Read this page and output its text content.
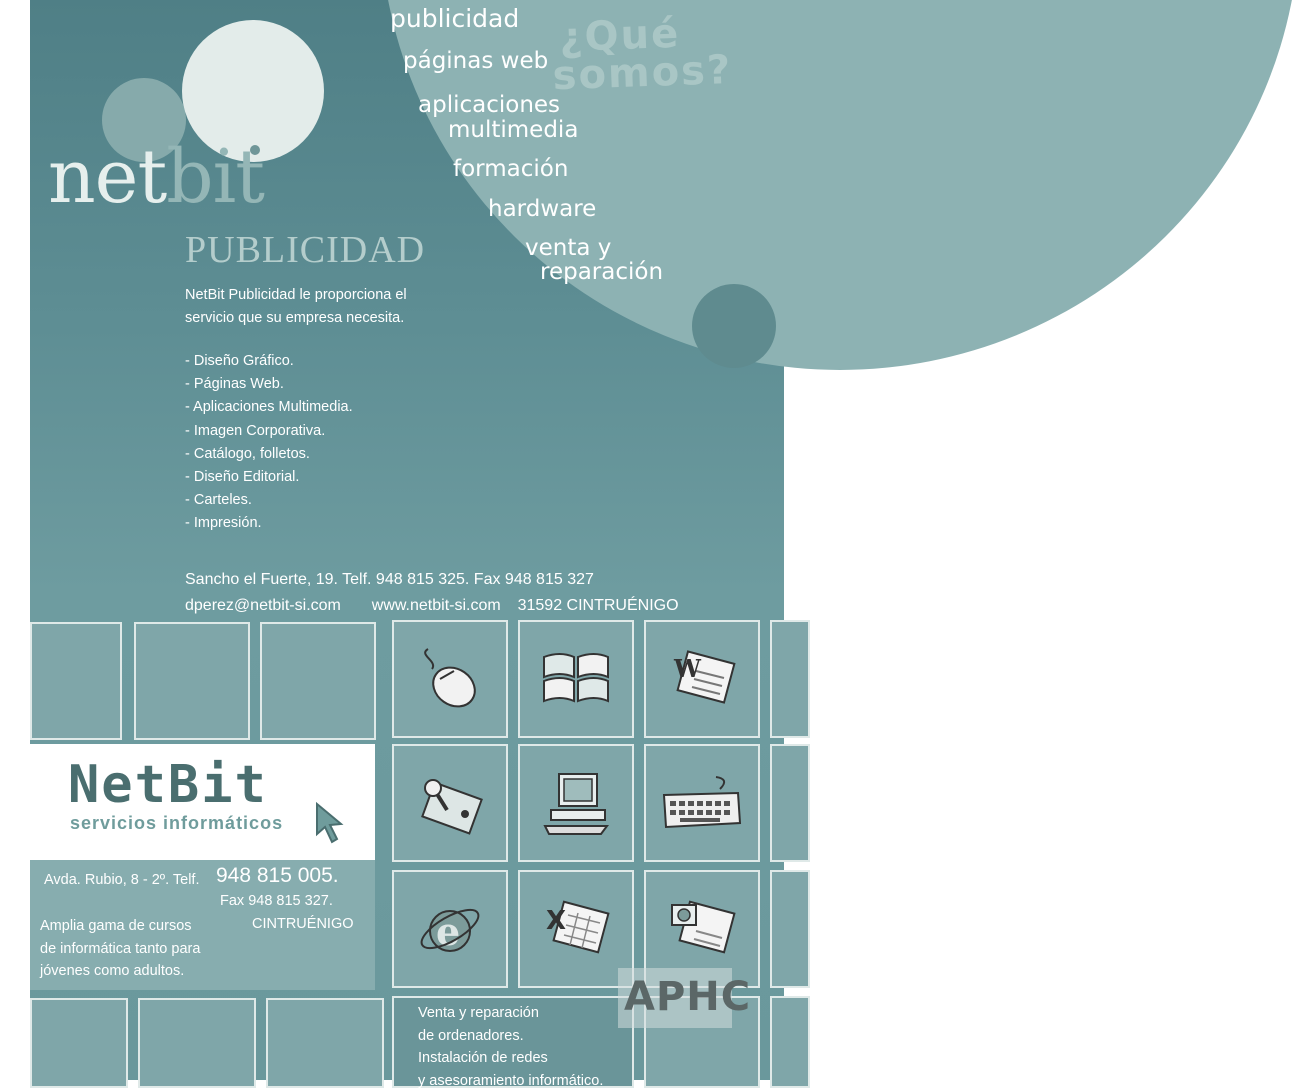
netbit
PUBLICIDAD
¿Qué
somos?
publicidad
páginas web
aplicaciones
multimedia
formación
hardware
venta y
reparación
NetBit Publicidad le proporciona el
servicio que su empresa necesita.
- Diseño Gráfico.
- Páginas Web.
- Aplicaciones Multimedia.
- Imagen Corporativa.
- Catálogo, folletos.
- Diseño Editorial.
- Carteles.
- Impresión.
Sancho el Fuerte, 19. Telf. 948 815 325. Fax 948 815 327
dperez@netbit-si.com www.netbit-si.com 31592 CINTRUÉNIGO
W
e	X
NetBit
servicios informáticos
Avda. Rubio, 8 - 2º. Telf. 948 815 005.
Fax 948 815 327.
CINTRUÉNIGO
Amplia gama de cursos
de informática tanto para
jóvenes como adultos.
APHC
Venta y reparación
de ordenadores.
Instalación de redes
y asesoramiento informático.
